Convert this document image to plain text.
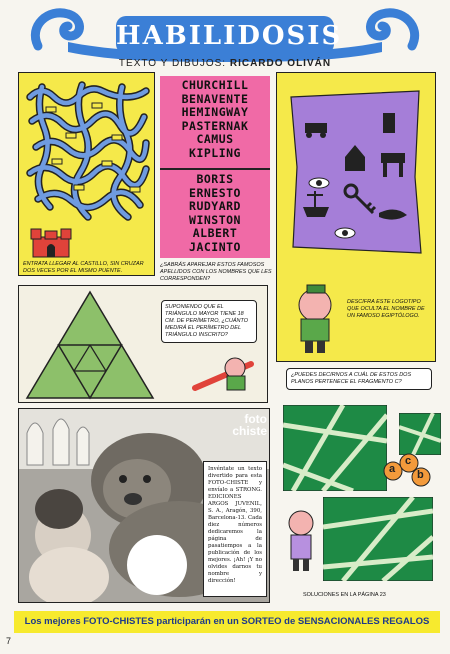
HABILIDOSIS
TEXTO Y DIBUJOS: RICARDO OLIVÁN
ENTRATA LLEGAR AL CASTILLO, SIN CRUZAR DOS VECES POR EL MISMO PUENTE.
CHURCHILL
BENAVENTE
HEMINGWAY
PASTERNAK
CAMUS
KIPLING
BORIS
ERNESTO
RUDYARD
WINSTON
ALBERT
JACINTO
¿SABRÁS APAREJAR ESTOS FAMOSOS APELLIDOS CON LOS NOMBRES QUE LES CORRESPONDEN?
DESCIFRA ESTE LOGOTIPO QUE OCULTA EL NOMBRE DE UN FAMOSO EGIPTÓLOGO.
SUPONIENDO QUE EL TRIÁNGULO MAYOR TIENE 18 CM. DE PERÍMETRO, ¿CUÁNTO MEDIRÁ EL PERÍMETRO DEL TRIÁNGULO INSCRITO?
¿PUEDES DECIRNOS A CUÁL DE ESTOS DOS PLANOS PERTENECE EL FRAGMENTO C?
foto
chiste
Invéntate un texto divertido para esta FOTO-CHISTE y envíalo a STRONG. EDICIONES ARGOS JUVENIL, S. A., Aragón, 390, Barcelona-13. Cada diez números dedicaremos la página de pasatiempos a la publicación de los mejores. ¡Ah! ¡Y no olvides darnos tu nombre y dirección!
a
c
b
SOLUCIONES EN LA PÁGINA 23
Los mejores FOTO-CHISTES participarán en un SORTEO de SENSACIONALES REGALOS
7
